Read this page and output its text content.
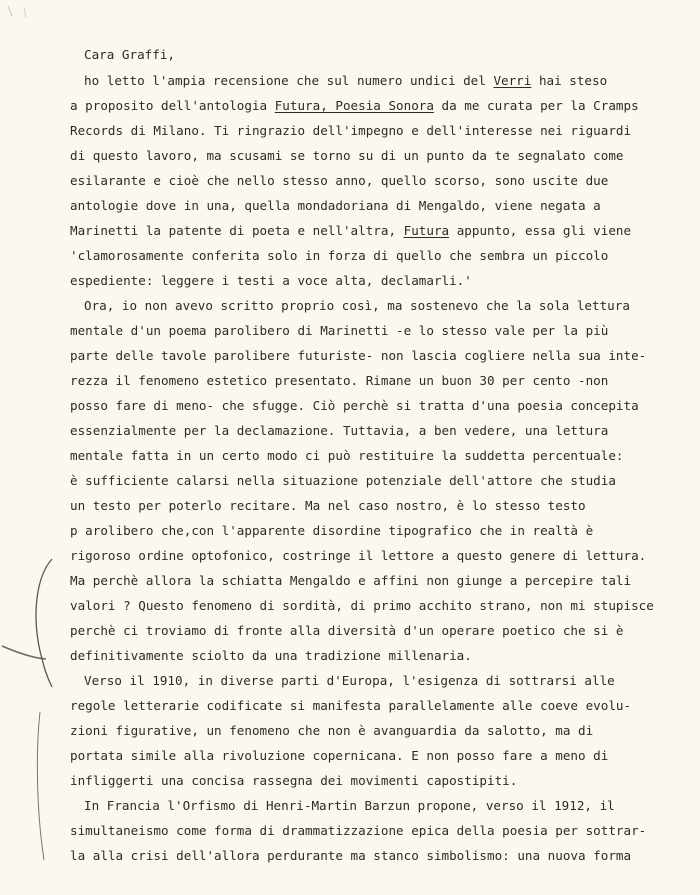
Cara Graffi,
ho letto l'ampia recensione che sul numero undici del Verri hai steso
a proposito dell'antologia Futura, Poesia Sonora da me curata per la Cramps
Records di Milano. Ti ringrazio dell'impegno e dell'interesse nei riguardi
di questo lavoro, ma scusami se torno su di un punto da te segnalato come
esilarante e cioè che nello stesso anno, quello scorso, sono uscite due
antologie dove in una, quella mondadoriana di Mengaldo, viene negata a
Marinetti la patente di poeta e nell'altra, Futura appunto, essa gli viene
'clamorosamente conferita solo in forza di quello che sembra un piccolo
espediente: leggere i testi a voce alta, declamarli.'
Ora, io non avevo scritto proprio così, ma sostenevo che la sola lettura
mentale d'un poema parolibero di Marinetti -e lo stesso vale per la più
parte delle tavole parolibere futuriste- non lascia cogliere nella sua inte-
rezza il fenomeno estetico presentato. Rimane un buon 30 per cento -non
posso fare di meno- che sfugge. Ciò perchè si tratta d'una poesia concepita
essenzialmente per la declamazione. Tuttavia, a ben vedere, una lettura
mentale fatta in un certo modo ci può restituire la suddetta percentuale:
è sufficiente calarsi nella situazione potenziale dell'attore che studia
un testo per poterlo recitare. Ma nel caso nostro, è lo stesso testo
p arolibero che,con l'apparente disordine tipografico che in realtà è
rigoroso ordine optofonico, costringe il lettore a questo genere di lettura.
Ma perchè allora la schiatta Mengaldo e affini non giunge a percepire tali
valori ? Questo fenomeno di sordità, di primo acchito strano, non mi stupisce
perchè ci troviamo di fronte alla diversità d'un operare poetico che si è
definitivamente sciolto da una tradizione millenaria.
Verso il 1910, in diverse parti d'Europa, l'esigenza di sottrarsi alle
regole letterarie codificate si manifesta parallelamente alle coeve evolu-
zioni figurative, un fenomeno che non è avanguardia da salotto, ma di
portata simile alla rivoluzione copernicana. E non posso fare a meno di
infliggerti una concisa rassegna dei movimenti capostipiti.
In Francia l'Orfismo di Henri-Martin Barzun propone, verso il 1912, il
simultaneismo come forma di drammatizzazione epica della poesia per sottrar-
la alla crisi dell'allora perdurante ma stanco simbolismo: una nuova forma
